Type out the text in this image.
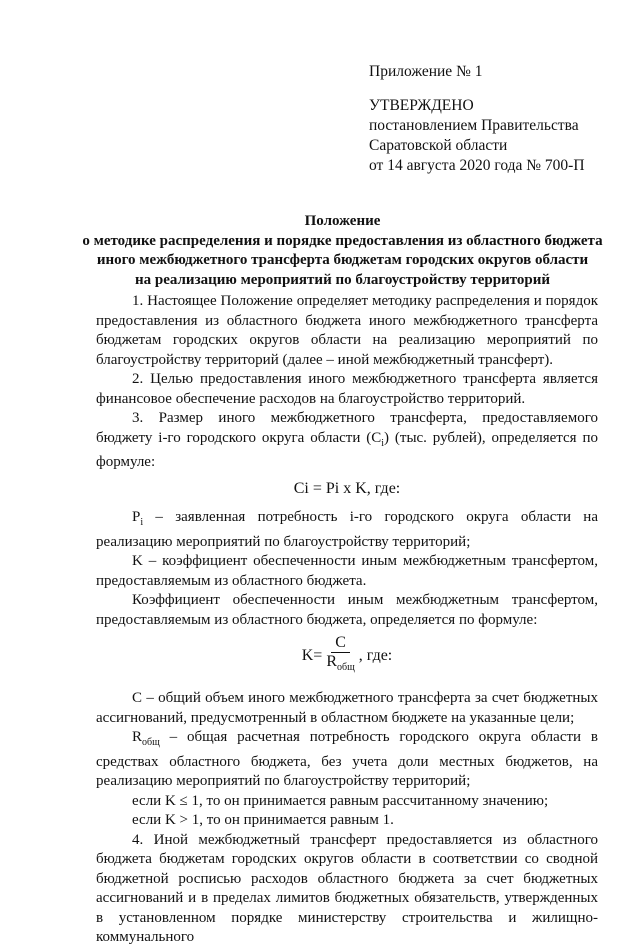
Приложение № 1
УТВЕРЖДЕНО
постановлением Правительства
Саратовской области
от 14 августа 2020 года № 700-П
Положение
о методике распределения и порядке предоставления из областного бюджета
иного межбюджетного трансферта бюджетам городских округов области
на реализацию мероприятий по благоустройству территорий

1. Настоящее Положение определяет методику распределения и порядок предоставления из областного бюджета иного межбюджетного трансферта бюджетам городских округов области на реализацию мероприятий по благоустройству территорий (далее – иной межбюджетный трансферт).

2. Целью предоставления иного межбюджетного трансферта является финансовое обеспечение расходов на благоустройство территорий.

3. Размер иного межбюджетного трансферта, предоставляемого бюджету i-го городского округа области $(C_i)$ (тыс. рублей), определяется по формуле:

Ci = Pi x K, где:

$P_i$ – заявленная потребность i-го городского округа области на реализацию мероприятий по благоустройству территорий;

K – коэффициент обеспеченности иным межбюджетным трансфертом, предоставляемым из областного бюджета.

Коэффициент обеспеченности иным межбюджетным трансфертом, предоставляемым из областного бюджета, определяется по формуле:

$K= \frac{C}{R_{общ}}$ , где:

C – общий объем иного межбюджетного трансферта за счет бюджетных ассигнований, предусмотренный в областном бюджете на указанные цели;

$R_{общ}$ – общая расчетная потребность городского округа области в средствах областного бюджета, без учета доли местных бюджетов, на реализацию мероприятий по благоустройству территорий;

если K ≤ 1, то он принимается равным рассчитанному значению;

если K > 1, то он принимается равным 1.

4. Иной межбюджетный трансферт предоставляется из областного бюджета бюджетам городских округов области в соответствии со сводной бюджетной росписью расходов областного бюджета за счет бюджетных ассигнований и в пределах лимитов бюджетных обязательств, утвержденных в установленном порядке министерству строительства и жилищно-коммунального
